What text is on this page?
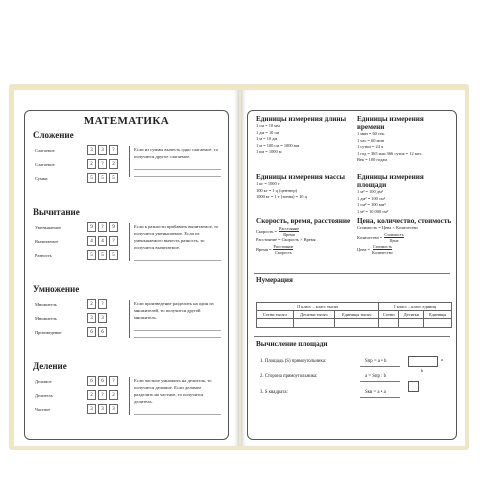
МАТЕМАТИКА
Сложение
Слагаемое	3	3	?
Слагаемое	2	?	2
Сумма	5	5	5
Если из суммы вычесть одно слагаемое, то получится другое слагаемое.
Вычитание
Уменьшаемое	9	?	9
Вычитаемое	4	4	?
Разность	5	5	5
Если к разности прибавить вычитаемое, то получится уменьшаемое. Если из уменьшаемого вычесть разность, то получится вычитаемое.
Умножение
Множитель	2	?
Множитель	3	3
Произведение	6	6
Если произведение разделить на один из множителей, то получится другой множитель.
Деление
Делимое	6	6	?
Делитель	2	?	2
Частное	3	3	3
Если частное умножить на делитель, то получится делимое. Если делимое разделить на частное, то получится делитель.
Единицы измерения длины
1 см = 10 мм
1 дм = 10 см
1 м = 10 дм
1 м = 100 см = 1000 мм
1 км = 1000 м
Единицы измерения времени
1 мин = 60 сек.
1 час = 60 мин
1 сутки = 24 ч
1 год = 365 или 366 суток = 12 мес.
Век = 100 годам
Единицы измерения массы
1 кг = 1000 г
100 кг = 1 ц (центнер)
1000 кг = 1 т (тонна) = 10 ц
Единицы измерения площади
1 м² = 100 дм²
1 дм² = 100 см²
1 см² = 100 мм²
1 м² = 10 000 см²
Скорость, время, расстояние
Скорость = $\frac{\text{Расстояние}}{\text{Время}}$
Расстояние = Скорость × Время
Время = $\frac{\text{Расстояние}}{\text{Скорость}}$
Цена, количество, стоимость
Стоимость = Цена × Количество
Количество = $\frac{\text{Стоимость}}{\text{Цена}}$
Цена = $\frac{\text{Стоимость}}{\text{Количество}}$
Нумерация
II класс – класс тысяч			I класс – класс единиц		
Сотни тысяч	Десятки тысяч	Единицы тысяч	Сотни	Десятки	Единицы

Вычисление площади
1. Площадь (S) прямоугольника:	Sпр = a • b
2. Сторона прямоугольника:	a = Sпр : b
3. S квадрата:	Sкв = a • a
a
b
